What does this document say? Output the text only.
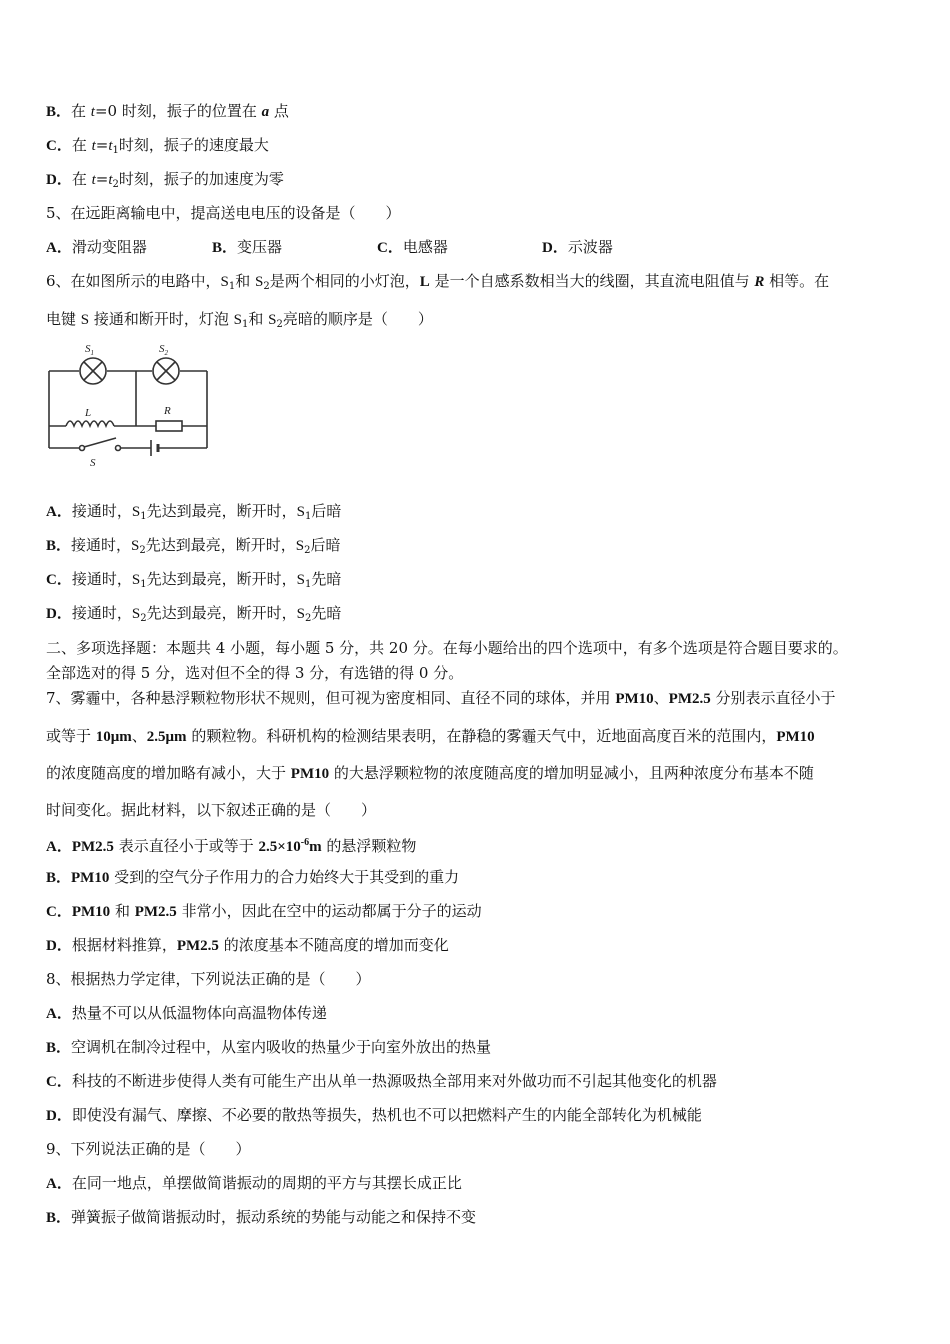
B．在 t=0 时刻，振子的位置在 a 点
C．在 $t=t_1$时刻，振子的速度最大
D．在 $t=t_2$时刻，振子的加速度为零
5、在远距离输电中，提高送电电压的设备是（　　）
A．滑动变阻器	B．变压器	C．电感器	D．示波器
6、在如图所示的电路中，$S_1$和 $S_2$是两个相同的小灯泡，L 是一个自感系数相当大的线圈，其直流电阻值与 R 相等。在
电键 S 接通和断开时，灯泡 $S_1$和 $S_2$亮暗的顺序是（　　）
$S_1$	$S_2$
L	R
S
A．接通时，$S_1$先达到最亮，断开时，$S_1$后暗
B．接通时，$S_2$先达到最亮，断开时，$S_2$后暗
C．接通时，$S_1$先达到最亮，断开时，$S_1$先暗
D．接通时，$S_2$先达到最亮，断开时，$S_2$先暗
二、多项选择题：本题共 4 小题，每小题 5 分，共 20 分。在每小题给出的四个选项中，有多个选项是符合题目要求的。
全部选对的得 5 分，选对但不全的得 3 分，有选错的得 0 分。
7、雾霾中，各种悬浮颗粒物形状不规则，但可视为密度相同、直径不同的球体，并用 PM10、PM2.5 分别表示直径小于
或等于 10μm、2.5μm 的颗粒物。科研机构的检测结果表明，在静稳的雾霾天气中，近地面高度百米的范围内，PM10
的浓度随高度的增加略有减小，大于 PM10 的大悬浮颗粒物的浓度随高度的增加明显减小，且两种浓度分布基本不随
时间变化。据此材料，以下叙述正确的是（　　）
A．PM2.5 表示直径小于或等于 $2.5\times 10^{-6}m$ 的悬浮颗粒物
B．PM10 受到的空气分子作用力的合力始终大于其受到的重力
C．PM10 和 PM2.5 非常小，因此在空中的运动都属于分子的运动
D．根据材料推算，PM2.5 的浓度基本不随高度的增加而变化
8、根据热力学定律，下列说法正确的是（　　）
A．热量不可以从低温物体向高温物体传递
B．空调机在制冷过程中，从室内吸收的热量少于向室外放出的热量
C．科技的不断进步使得人类有可能生产出从单一热源吸热全部用来对外做功而不引起其他变化的机器
D．即使没有漏气、摩擦、不必要的散热等损失，热机也不可以把燃料产生的内能全部转化为机械能
9、下列说法正确的是（　　）
A．在同一地点，单摆做简谐振动的周期的平方与其摆长成正比
B．弹簧振子做简谐振动时，振动系统的势能与动能之和保持不变
